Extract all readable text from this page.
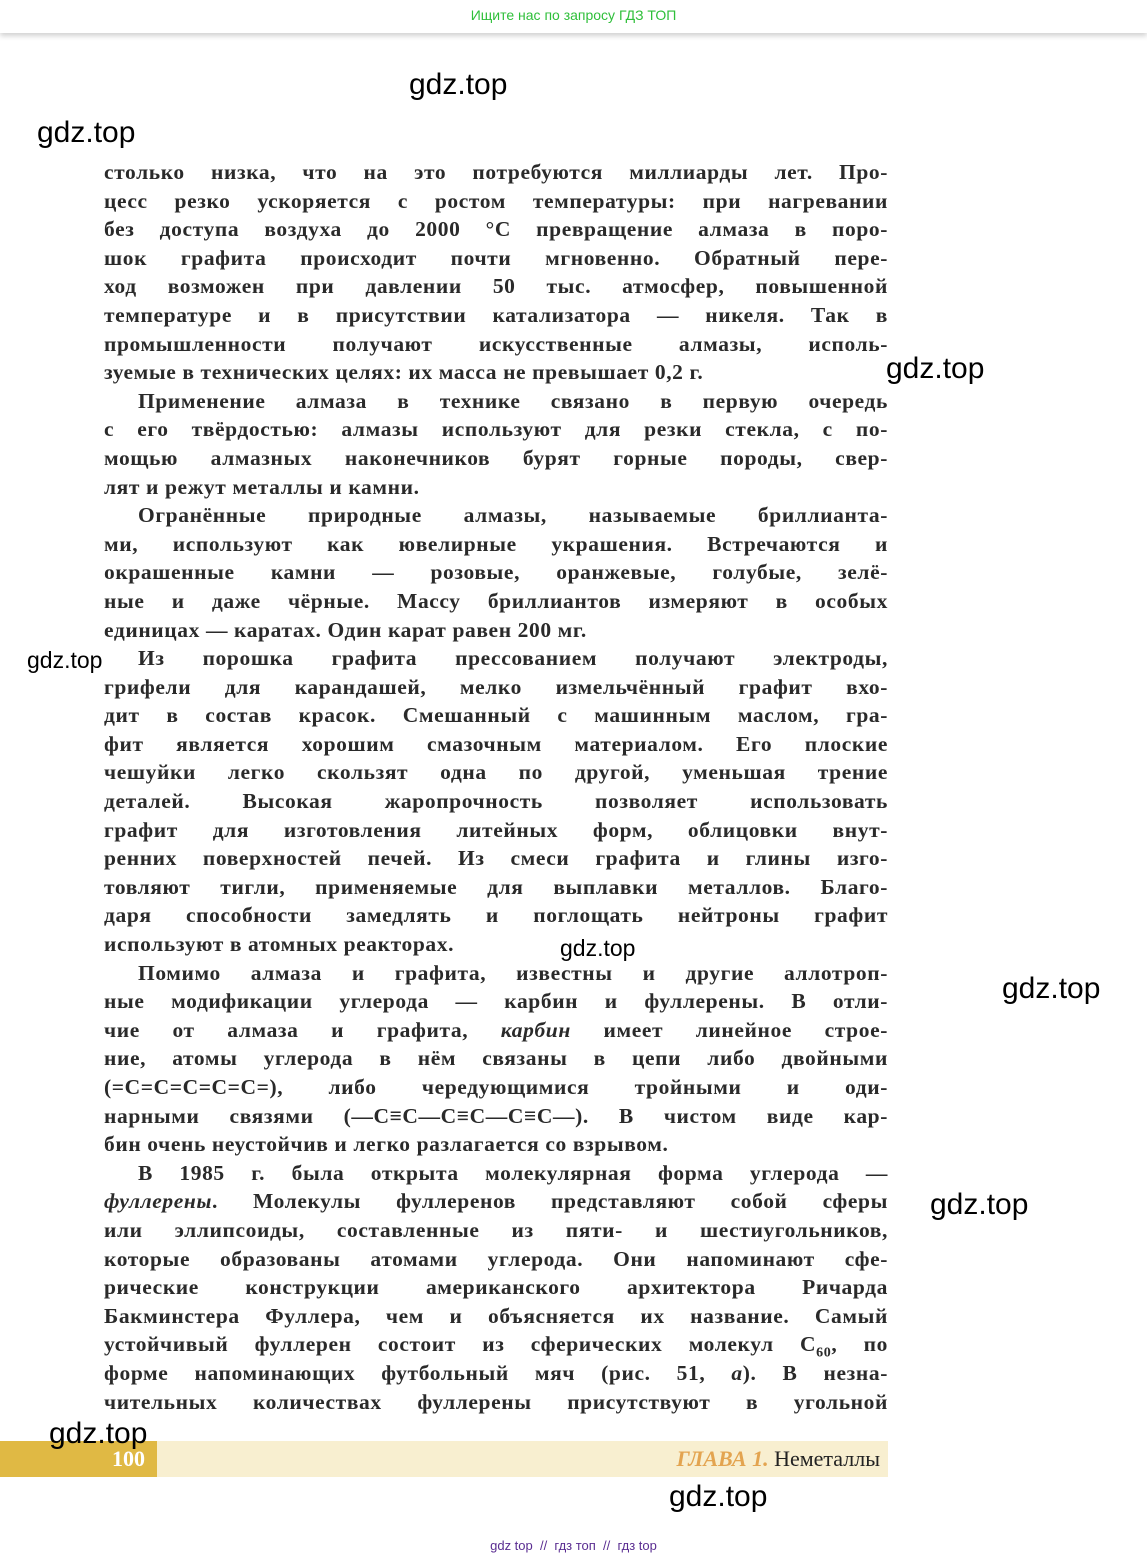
Ищите нас по запросу ГДЗ ТОП
столько низка, что на это потребуются миллиарды лет. Про-
цесс резко ускоряется с ростом температуры: при нагревании
без доступа воздуха до 2000 °С превращение алмаза в поро-
шок графита происходит почти мгновенно. Обратный пере-
ход возможен при давлении 50 тыс. атмосфер, повышенной
температуре и в присутствии катализатора — никеля. Так в
промышленности получают искусственные алмазы, исполь-
зуемые в технических целях: их масса не превышает 0,2 г.
Применение алмаза в технике связано в первую очередь
с его твёрдостью: алмазы используют для резки стекла, с по-
мощью алмазных наконечников бурят горные породы, свер-
лят и режут металлы и камни.
Огранённые природные алмазы, называемые бриллианта-
ми, используют как ювелирные украшения. Встречаются и
окрашенные камни — розовые, оранжевые, голубые, зелё-
ные и даже чёрные. Массу бриллиантов измеряют в особых
единицах — каратах. Один карат равен 200 мг.
Из порошка графита прессованием получают электроды,
грифели для карандашей, мелко измельчённый графит вхо-
дит в состав красок. Смешанный с машинным маслом, гра-
фит является хорошим смазочным материалом. Его плоские
чешуйки легко скользят одна по другой, уменьшая трение
деталей. Высокая жаропрочность позволяет использовать
графит для изготовления литейных форм, облицовки внут-
ренних поверхностей печей. Из смеси графита и глины изго-
товляют тигли, применяемые для выплавки металлов. Благо-
даря способности замедлять и поглощать нейтроны графит
используют в атомных реакторах.
Помимо алмаза и графита, известны и другие аллотроп-
ные модификации углерода — карбин и фуллерены. В отли-
чие от алмаза и графита, карбин имеет линейное строе-
ние, атомы углерода в нём связаны в цепи либо двойными
(=С=С=С=С=С=), либо чередующимися тройными и оди-
нарными связями (—С≡С—С≡С—С≡С—). В чистом виде кар-
бин очень неустойчив и легко разлагается со взрывом.
В 1985 г. была открыта молекулярная форма углерода —
фуллерены. Молекулы фуллеренов представляют собой сферы
или эллипсоиды, составленные из пяти- и шестиугольников,
которые образованы атомами углерода. Они напоминают сфе-
рические конструкции американского архитектора Ричарда
Бакминстера Фуллера, чем и объясняется их название. Самый
устойчивый фуллерен состоит из сферических молекул $С_{60}$, по
форме напоминающих футбольный мяч (рис. 51, а). В незна-
чительных количествах фуллерены присутствуют в угольной
100	ГЛАВА 1. Неметаллы
gdz.top
gdz.top
gdz.top
gdz.top
gdz.top
gdz.top
gdz.top
gdz.top
gdz.top
gdz top  //  гдз топ  //  гдз top
